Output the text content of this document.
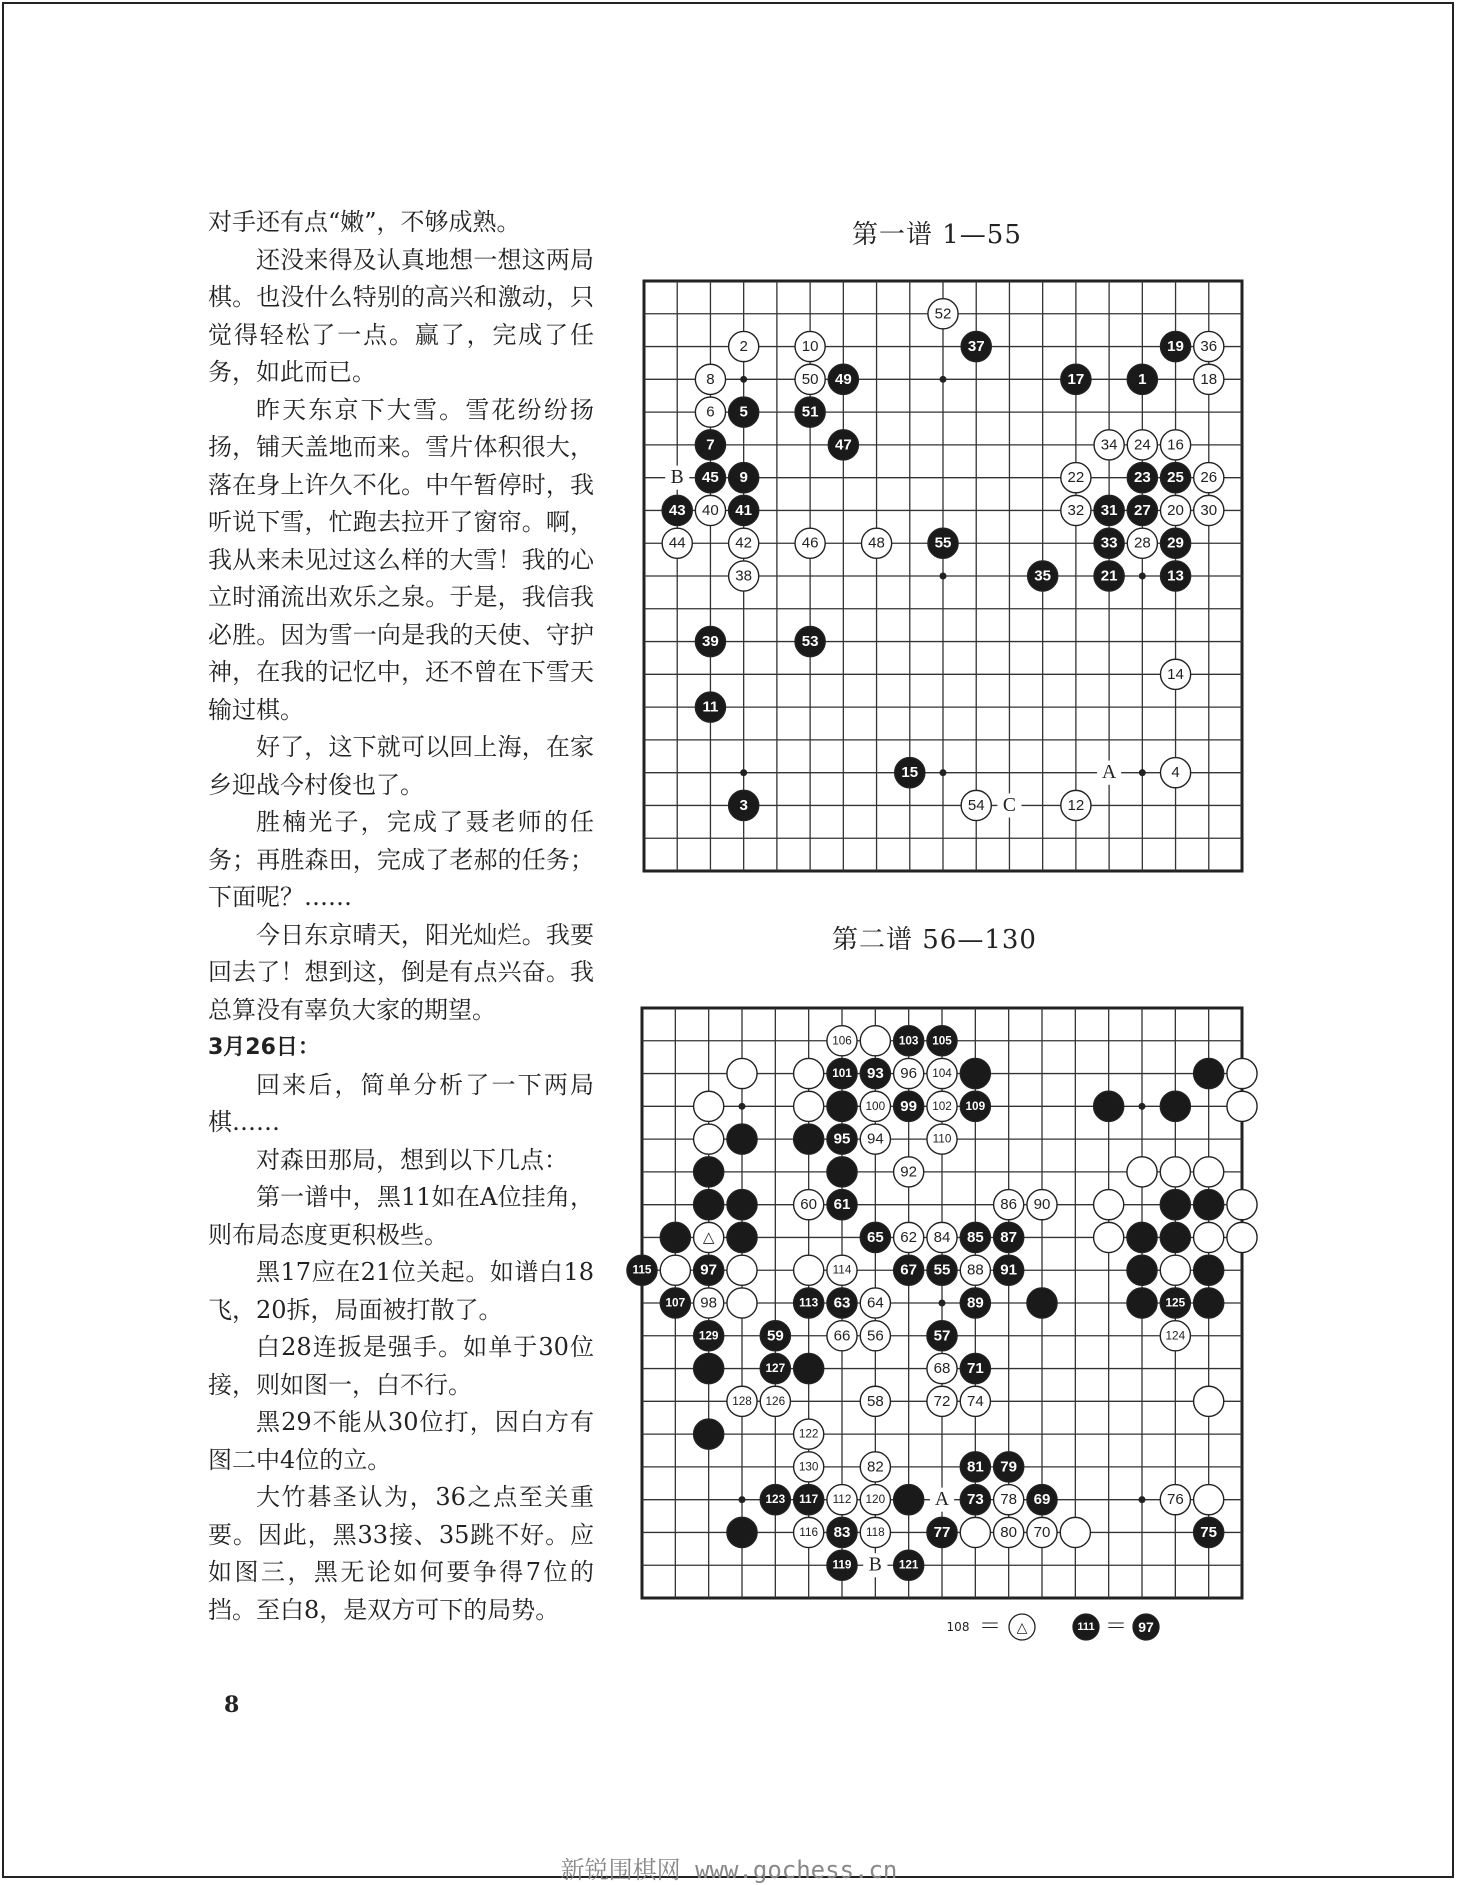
对手还有点“嫩”，不够成熟。

还没来得及认真地想一想这两局棋。也没什么特别的高兴和激动，只觉得轻松了一点。赢了，完成了任务，如此而已。

昨天东京下大雪。雪花纷纷扬扬，铺天盖地而来。雪片体积很大，落在身上许久不化。中午暂停时，我听说下雪，忙跑去拉开了窗帘。啊，我从来未见过这么样的大雪！我的心立时涌流出欢乐之泉。于是，我信我必胜。因为雪一向是我的天使、守护神，在我的记忆中，还不曾在下雪天输过棋。

好了，这下就可以回上海，在家乡迎战今村俊也了。

胜楠光子，完成了聂老师的任务；再胜森田，完成了老郝的任务；下面呢？……

今日东京晴天，阳光灿烂。我要回去了！想到这，倒是有点兴奋。我总算没有辜负大家的期望。

3月26日：

回来后，简单分析了一下两局棋……

对森田那局，想到以下几点：

第一谱中，黑11如在A位挂角，则布局态度更积极些。

黑17应在21位关起。如谱白18飞，20拆，局面被打散了。

白28连扳是强手。如单于30位接，则如图一，白不行。

黑29不能从30位打，因白方有图二中4位的立。

大竹碁圣认为，36之点至关重要。因此，黑33接、35跳不好。应如图三，黑无论如何要争得7位的挡。至白8，是双方可下的局势。

8
第一谱 1—55
52
2	10	37	19 36
8	50 49	17	1	18
6 5	51
7	47	34 24 16
45 9	22	23 25 26
43 40 41	32 31 27 20 30
44	42	46	48	55	33 28 29
38	35	21	13
39	53
14
11
15	4
3	54	12
B
A
C
第二谱 56—130
106	103 105
101 93 96 104
100 99 102 109
95 94	110
92
60 61	86 90
△	65 62 84 85 87
115	97	114	67 55 88 91
107 98	113 63 64	89	125
129	59	66 56	57	124
127	68 71
128 126	58	72 74
122
130	82	81 79
123 117 112 120	73 78 69	76
116 83 118	77	80 70	75
119	121
A
B
108 ＝ △	111 ＝ 97
新锐围棋网 www.gochess.cn
